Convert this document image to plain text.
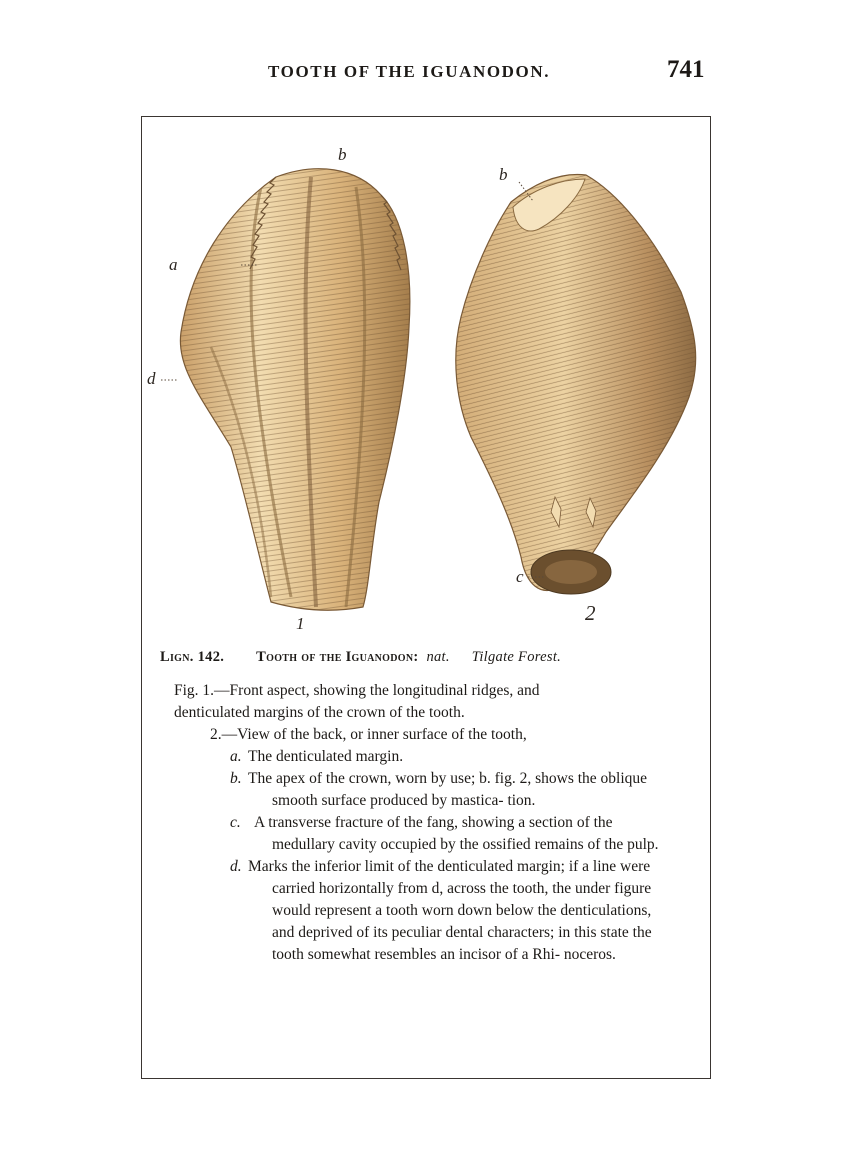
TOOTH OF THE IGUANODON.	741
b
a
d
1
b
c
2
Lign. 142. Tooth of the Iguanodon: nat. Tilgate Forest.
Fig. 1.—Front aspect, showing the longitudinal ridges, and
denticulated margins of the crown of the tooth.
2.—View of the back, or inner surface of the tooth,
a. The denticulated margin.
b. The apex of the crown, worn by use; b. fig. 2, shows the oblique smooth surface produced by mastica- tion.
c. A transverse fracture of the fang, showing a section of the medullary cavity occupied by the ossified remains of the pulp.
d. Marks the inferior limit of the denticulated margin; if a line were carried horizontally from d, across the tooth, the under figure would represent a tooth worn down below the denticulations, and deprived of its peculiar dental characters; in this state the tooth somewhat resembles an incisor of a Rhi- noceros.
